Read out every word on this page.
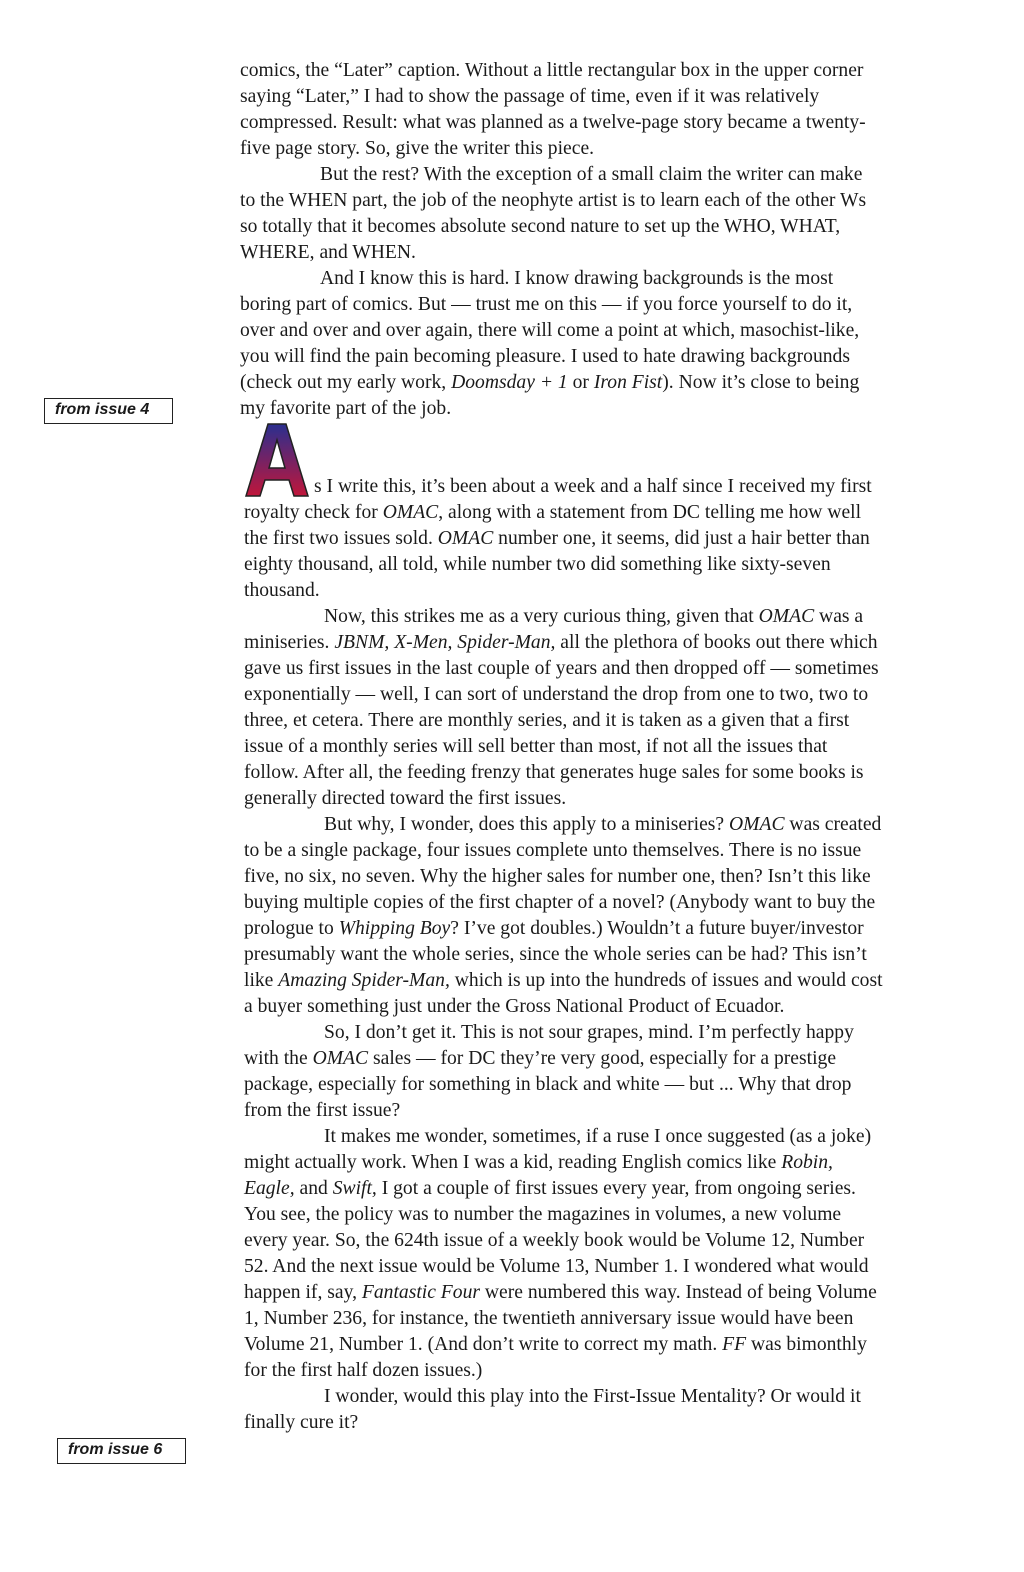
from issue 4
from issue 6

comics, the “Later” caption. Without a little rectangular box in the upper corner saying “Later,” I had to show the passage of time, even if it was relatively compressed. Result: what was planned as a twelve-page story became a twenty-five page story. So, give the writer this piece.

But the rest? With the exception of a small claim the writer can make to the WHEN part, the job of the neophyte artist is to learn each of the other Ws so totally that it becomes absolute second nature to set up the WHO, WHAT, WHERE, and WHEN.

And I know this is hard. I know drawing backgrounds is the most boring part of comics. But — trust me on this — if you force yourself to do it, over and over and over again, there will come a point at which, masochist-like, you will find the pain becoming pleasure. I used to hate drawing backgrounds (check out my early work, Doomsday + 1 or Iron Fist). Now it’s close to being my favorite part of the job.

s I write this, it’s been about a week and a half since I received my first royalty check for OMAC, along with a statement from DC telling me how well the first two issues sold. OMAC number one, it seems, did just a hair better than eighty thousand, all told, while number two did something like sixty-seven thousand.

Now, this strikes me as a very curious thing, given that OMAC was a miniseries. JBNM, X-Men, Spider-Man, all the plethora of books out there which gave us first issues in the last couple of years and then dropped off — sometimes exponentially — well, I can sort of understand the drop from one to two, two to three, et cetera. There are monthly series, and it is taken as a given that a first issue of a monthly series will sell better than most, if not all the issues that follow. After all, the feeding frenzy that generates huge sales for some books is generally directed toward the first issues.

But why, I wonder, does this apply to a miniseries? OMAC was created to be a single package, four issues complete unto themselves. There is no issue five, no six, no seven. Why the higher sales for number one, then? Isn’t this like buying multiple copies of the first chapter of a novel? (Anybody want to buy the prologue to Whipping Boy? I’ve got doubles.) Wouldn’t a future buyer/investor presumably want the whole series, since the whole series can be had? This isn’t like Amazing Spider-Man, which is up into the hundreds of issues and would cost a buyer something just under the Gross National Product of Ecuador.

So, I don’t get it. This is not sour grapes, mind. I’m perfectly happy with the OMAC sales — for DC they’re very good, especially for a prestige package, especially for something in black and white — but ... Why that drop from the first issue?

It makes me wonder, sometimes, if a ruse I once suggested (as a joke) might actually work. When I was a kid, reading English comics like Robin, Eagle, and Swift, I got a couple of first issues every year, from ongoing series. You see, the policy was to number the magazines in volumes, a new volume every year. So, the 624th issue of a weekly book would be Volume 12, Number 52. And the next issue would be Volume 13, Number 1. I wondered what would happen if, say, Fantastic Four were numbered this way. Instead of being Volume 1, Number 236, for instance, the twentieth anniversary issue would have been Volume 21, Number 1. (And don’t write to correct my math. FF was bimonthly for the first half dozen issues.)

I wonder, would this play into the First-Issue Mentality? Or would it finally cure it?
